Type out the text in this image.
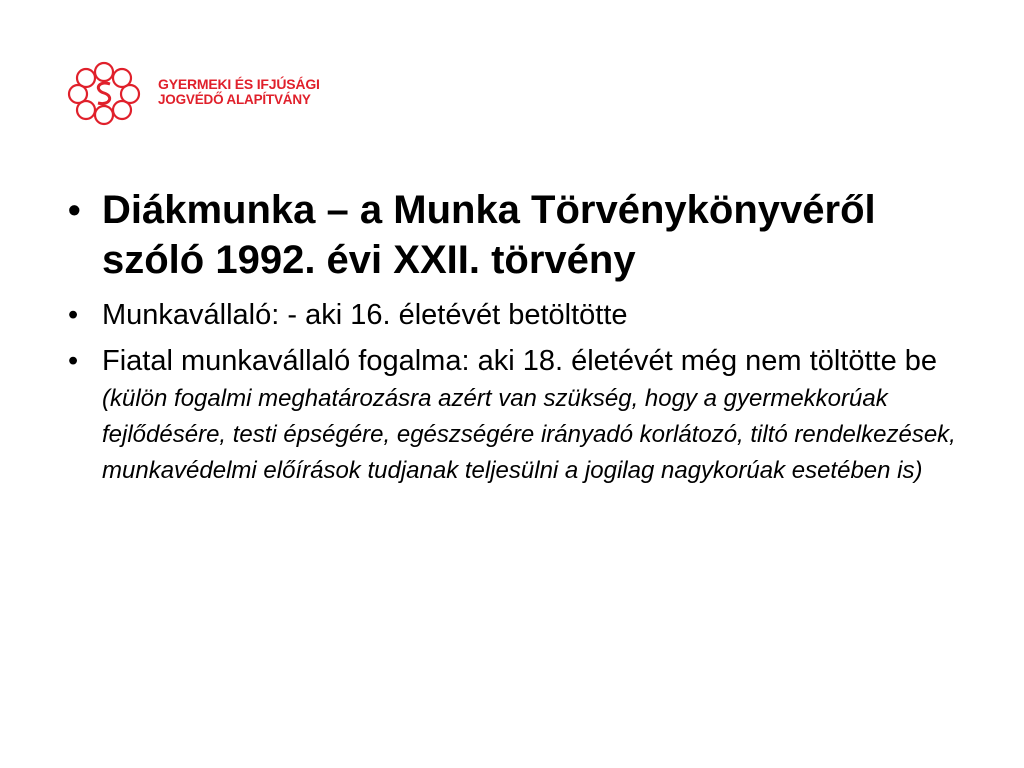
GYERMEKI ÉS IFJÚSÁGI
JOGVÉDŐ ALAPÍTVÁNY
• Diákmunka – a Munka Törvénykönyvéről szóló 1992. évi XXII. törvény
• Munkavállaló: - aki 16. életévét betöltötte
• Fiatal munkavállaló fogalma: aki 18. életévét még nem töltötte be (külön fogalmi meghatározásra azért van szükség, hogy a gyermekkorúak fejlődésére, testi épségére, egészségére irányadó korlátozó, tiltó rendelkezések, munkavédelmi előírások tudjanak teljesülni a jogilag nagykorúak esetében is)
